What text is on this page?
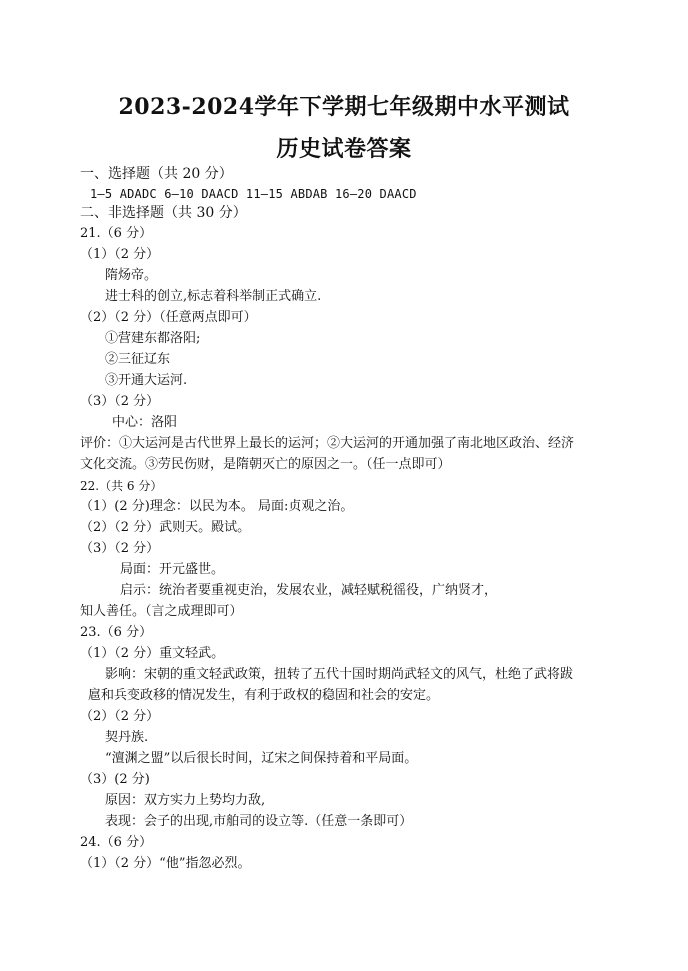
2023-2024学年下学期七年级期中水平测试
历史试卷答案
一、选择题（共 20 分）
1—5 ADADC 6—10 DAACD 11—15 ABDAB 16—20 DAACD
二、非选择题（共 30 分）
21.（6 分）
（1）（2 分）
隋炀帝。
进士科的创立,标志着科举制正式确立.
（2）（2 分）（任意两点即可）
①营建东都洛阳;
②三征辽东
③开通大运河.
（3）（2 分）
中心：洛阳
评价：①大运河是古代世界上最长的运河；②大运河的开通加强了南北地区政治、经济
文化交流。③劳民伤财，是隋朝灭亡的原因之一。（任一点即可）
22.（共 6 分）
（1）(2 分)理念：以民为本。 局面:贞观之治。
（2）（2 分）武则天。殿试。
（3）（2 分）
局面：开元盛世。
启示：统治者要重视吏治，发展农业，减轻赋税徭役，广纳贤才，
知人善任。（言之成理即可）
23.（6 分）
（1）（2 分）重文轻武。
影响：宋朝的重文轻武政策，扭转了五代十国时期尚武轻文的风气，杜绝了武将跋
扈和兵变政移的情况发生，有利于政权的稳固和社会的安定。
（2）（2 分）
契丹族.
“澶渊之盟”以后很长时间，辽宋之间保持着和平局面。
（3）(2 分)
原因：双方实力上势均力敌,
表现：会子的出现,市舶司的设立等.（任意一条即可）
24.（6 分）
（1）（2 分）“他”指忽必烈。
